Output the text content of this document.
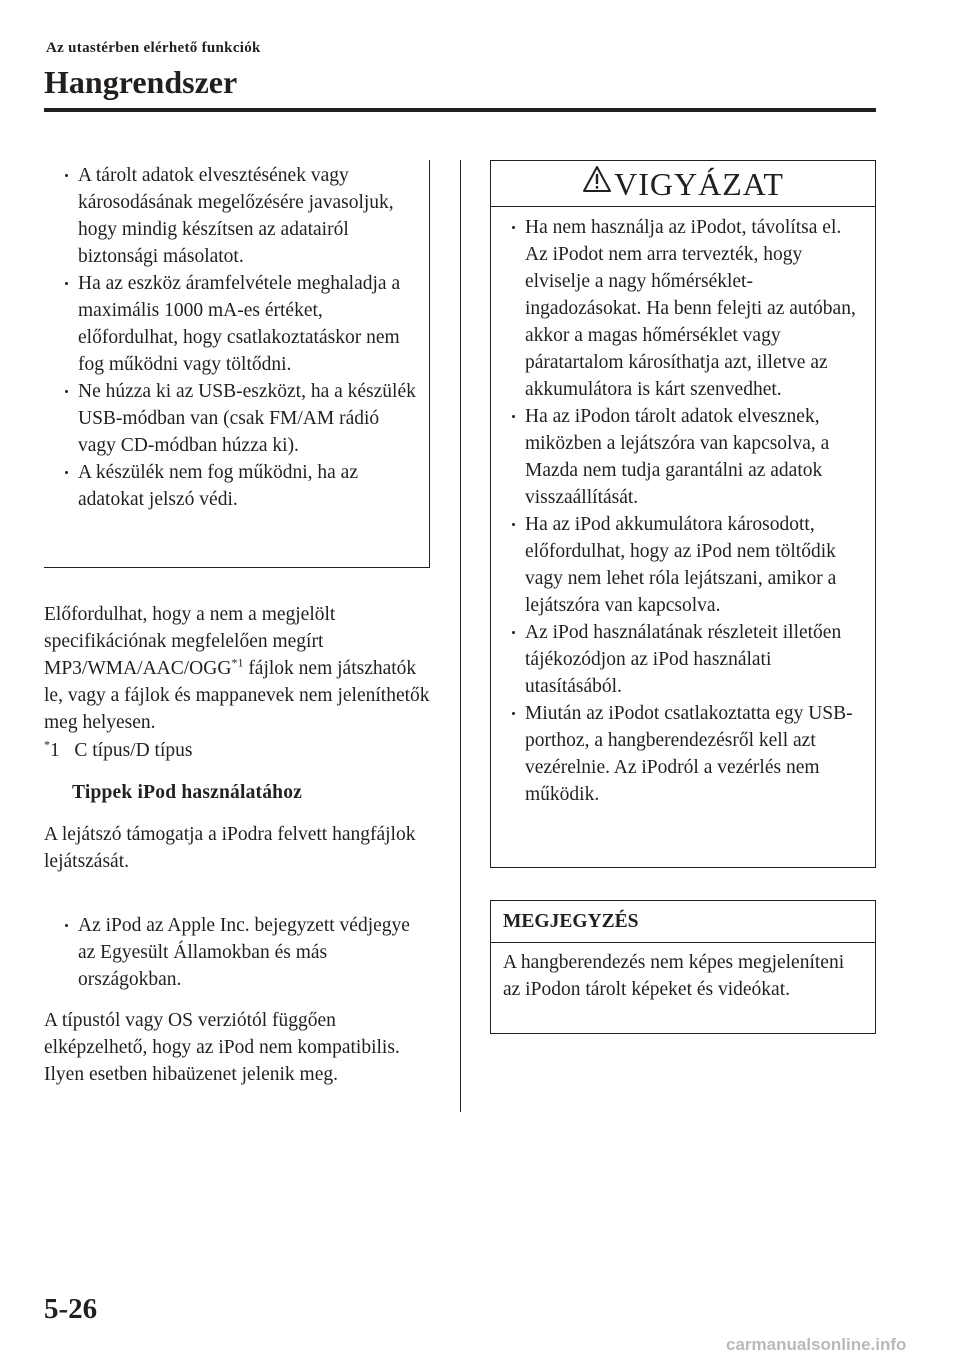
Az utastérben elérhető funkciók
Hangrendszer
A tárolt adatok elvesztésének vagy károsodásának megelőzésére javasoljuk, hogy mindig készítsen az adatairól biztonsági másolatot.
Ha az eszköz áramfelvétele meghaladja a maximális 1000 mA-es értéket, előfordulhat, hogy csatlakoztatáskor nem fog működni vagy töltődni.
Ne húzza ki az USB-eszközt, ha a készülék USB-módban van (csak FM/AM rádió vagy CD-módban húzza ki).
A készülék nem fog működni, ha az adatokat jelszó védi.

Előfordulhat, hogy a nem a megjelölt specifikációnak megfelelően megírt MP3/WMA/AAC/OGG$^{*1}$ fájlok nem játszhatók le, vagy a fájlok és mappanevek nem jeleníthetők meg helyesen.

*1   C típus/D típus
Tippek iPod használatához

A lejátszó támogatja a iPodra felvett hangfájlok lejátszását.

Az iPod az Apple Inc. bejegyzett védjegye az Egyesült Államokban és más országokban.

A típustól vagy OS verziótól függően elképzelhető, hogy az iPod nem kompatibilis. Ilyen esetben hibaüzenet jelenik meg.

VIGYÁZAT
Ha nem használja az iPodot, távolítsa el. Az iPodot nem arra tervezték, hogy elviselje a nagy hőmérséklet-ingadozásokat. Ha benn felejti az autóban, akkor a magas hőmérséklet vagy páratartalom károsíthatja azt, illetve az akkumulátora is kárt szenvedhet.
Ha az iPodon tárolt adatok elvesznek, miközben a lejátszóra van kapcsolva, a Mazda nem tudja garantálni az adatok visszaállítását.
Ha az iPod akkumulátora károsodott, előfordulhat, hogy az iPod nem töltődik vagy nem lehet róla lejátszani, amikor a lejátszóra van kapcsolva.
Az iPod használatának részleteit illetően tájékozódjon az iPod használati utasításából.
Miután az iPodot csatlakoztatta egy USB-porthoz, a hangberendezésről kell azt vezérelnie. Az iPodról a vezérlés nem működik.
MEGJEGYZÉS

A hangberendezés nem képes megjeleníteni az iPodon tárolt képeket és videókat.

5-26
carmanualsonline.info
